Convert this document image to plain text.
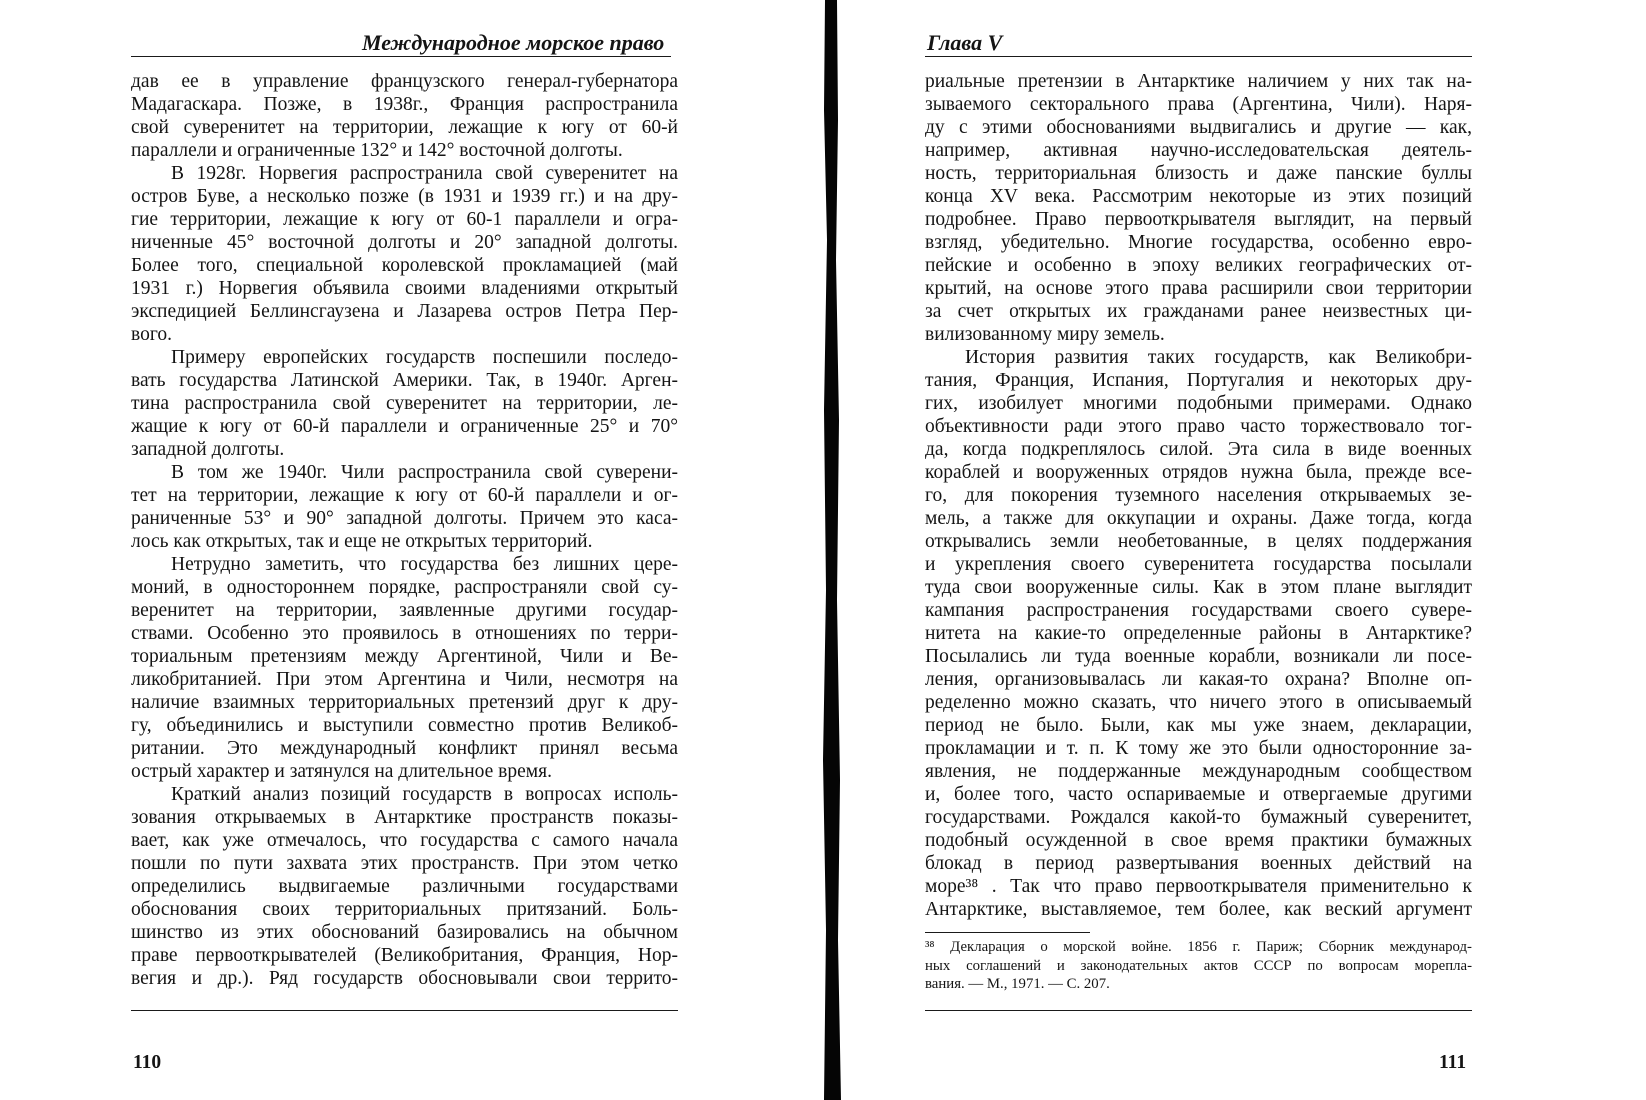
Международное морское право
дав ее в управление французского генерал-губернатора
Мадагаскара. Позже, в 1938г., Франция распространила
свой суверенитет на территории, лежащие к югу от 60-й
параллели и ограниченные 132° и 142° восточной долготы.
В 1928г. Норвегия распространила свой суверенитет на
остров Буве, а несколько позже (в 1931 и 1939 гг.) и на дру-
гие территории, лежащие к югу от 60-1 параллели и огра-
ниченные 45° восточной долготы и 20° западной долготы.
Более того, специальной королевской прокламацией (май
1931 г.) Норвегия объявила своими владениями открытый
экспедицией Беллинсгаузена и Лазарева остров Петра Пер-
вого.
Примеру европейских государств поспешили последо-
вать государства Латинской Америки. Так, в 1940г. Арген-
тина распространила свой суверенитет на территории, ле-
жащие к югу от 60-й параллели и ограниченные 25° и 70°
западной долготы.
В том же 1940г. Чили распространила свой суверени-
тет на территории, лежащие к югу от 60-й параллели и ог-
раниченные 53° и 90° западной долготы. Причем это каса-
лось как открытых, так и еще не открытых территорий.
Нетрудно заметить, что государства без лишних цере-
моний, в одностороннем порядке, распространяли свой су-
веренитет на территории, заявленные другими государ-
ствами. Особенно это проявилось в отношениях по терри-
ториальным претензиям между Аргентиной, Чили и Ве-
ликобританией. При этом Аргентина и Чили, несмотря на
наличие взаимных территориальных претензий друг к дру-
гу, объединились и выступили совместно против Великоб-
ритании. Это международный конфликт принял весьма
острый характер и затянулся на длительное время.
Краткий анализ позиций государств в вопросах исполь-
зования открываемых в Антарктике пространств показы-
вает, как уже отмечалось, что государства с самого начала
пошли по пути захвата этих пространств. При этом четко
определились выдвигаемые различными государствами
обоснования своих территориальных притязаний. Боль-
шинство из этих обоснований базировались на обычном
праве первооткрывателей (Великобритания, Франция, Нор-
вегия и др.). Ряд государств обосновывали свои террито-
110
Глава V
риальные претензии в Антарктике наличием у них так на-
зываемого секторального права (Аргентина, Чили). Наря-
ду с этими обоснованиями выдвигались и другие — как,
например, активная научно-исследовательская деятель-
ность, территориальная близость и даже панские буллы
конца XV века. Рассмотрим некоторые из этих позиций
подробнее. Право первооткрывателя выглядит, на первый
взгляд, убедительно. Многие государства, особенно евро-
пейские и особенно в эпоху великих географических от-
крытий, на основе этого права расширили свои территории
за счет открытых их гражданами ранее неизвестных ци-
вилизованному миру земель.
История развития таких государств, как Великобри-
тания, Франция, Испания, Португалия и некоторых дру-
гих, изобилует многими подобными примерами. Однако
объективности ради этого право часто торжествовало тог-
да, когда подкреплялось силой. Эта сила в виде военных
кораблей и вооруженных отрядов нужна была, прежде все-
го, для покорения туземного населения открываемых зе-
мель, а также для оккупации и охраны. Даже тогда, когда
открывались земли необетованные, в целях поддержания
и укрепления своего суверенитета государства посылали
туда свои вооруженные силы. Как в этом плане выглядит
кампания распространения государствами своего сувере-
нитета на какие-то определенные районы в Антарктике?
Посылались ли туда военные корабли, возникали ли посе-
ления, организовывалась ли какая-то охрана? Вполне оп-
ределенно можно сказать, что ничего этого в описываемый
период не было. Были, как мы уже знаем, декларации,
прокламации и т. п. К тому же это были односторонние за-
явления, не поддержанные международным сообществом
и, более того, часто оспариваемые и отвергаемые другими
государствами. Рождался какой-то бумажный суверенитет,
подобный осужденной в свое время практики бумажных
блокад в период развертывания военных действий на
море³⁸ . Так что право первооткрывателя применительно к
Антарктике, выставляемое, тем более, как веский аргумент
³⁸ Декларация о морской войне. 1856 г. Париж; Сборник международ-
ных соглашений и законодательных актов СССР по вопросам морепла-
вания. — М., 1971. — С. 207.
111
